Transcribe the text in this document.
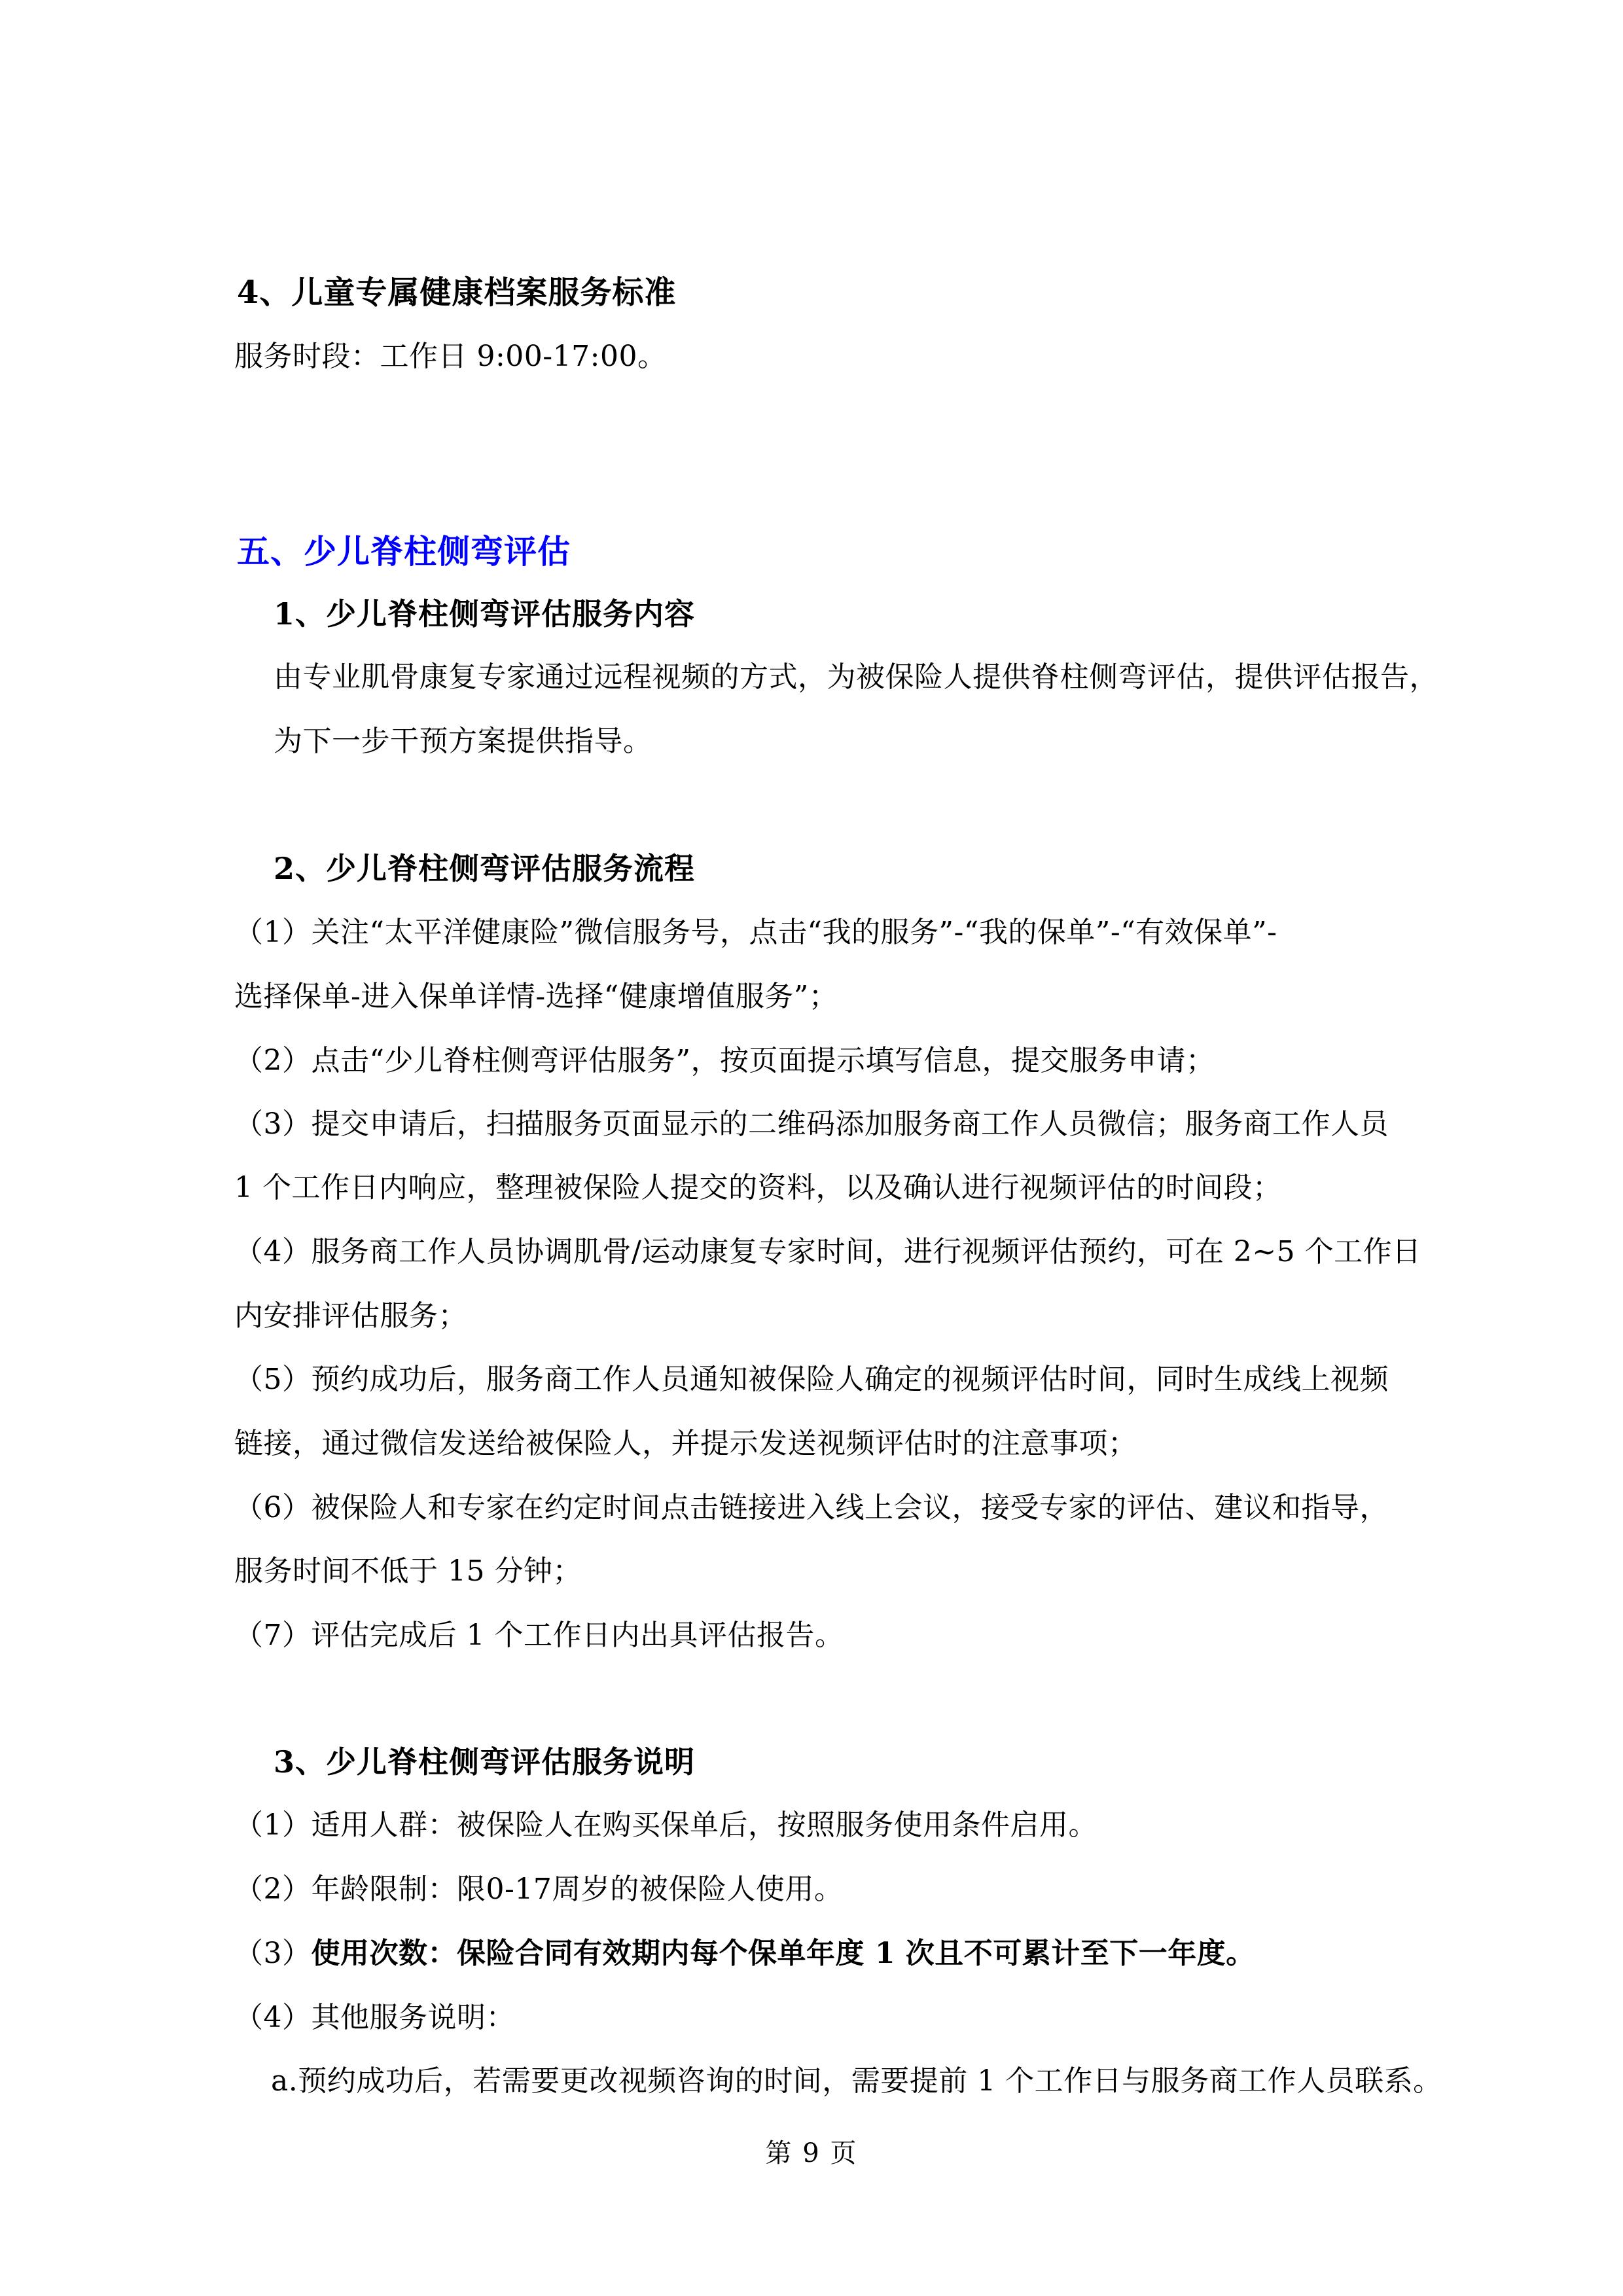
4、儿童专属健康档案服务标准
服务时段：工作日 9:00-17:00。
五、少儿脊柱侧弯评估
1、少儿脊柱侧弯评估服务内容
由专业肌骨康复专家通过远程视频的方式，为被保险人提供脊柱侧弯评估，提供评估报告，
为下一步干预方案提供指导。
2、少儿脊柱侧弯评估服务流程
（1）关注“太平洋健康险”微信服务号，点击“我的服务”-“我的保单”-“有效保单”-
选择保单-进入保单详情-选择“健康增值服务”；
（2）点击“少儿脊柱侧弯评估服务”，按页面提示填写信息，提交服务申请；
（3）提交申请后，扫描服务页面显示的二维码添加服务商工作人员微信；服务商工作人员
1 个工作日内响应，整理被保险人提交的资料，以及确认进行视频评估的时间段；
（4）服务商工作人员协调肌骨/运动康复专家时间，进行视频评估预约，可在 2~5 个工作日
内安排评估服务；
（5）预约成功后，服务商工作人员通知被保险人确定的视频评估时间，同时生成线上视频
链接，通过微信发送给被保险人，并提示发送视频评估时的注意事项；
（6）被保险人和专家在约定时间点击链接进入线上会议，接受专家的评估、建议和指导，
服务时间不低于 15 分钟；
（7）评估完成后 1 个工作日内出具评估报告。
3、少儿脊柱侧弯评估服务说明
（1）适用人群：被保险人在购买保单后，按照服务使用条件启用。
（2）年龄限制：限0-17周岁的被保险人使用。
（3）使用次数：保险合同有效期内每个保单年度 1 次且不可累计至下一年度。
（4）其他服务说明：
a.预约成功后，若需要更改视频咨询的时间，需要提前 1 个工作日与服务商工作人员联系。
第 9 页
